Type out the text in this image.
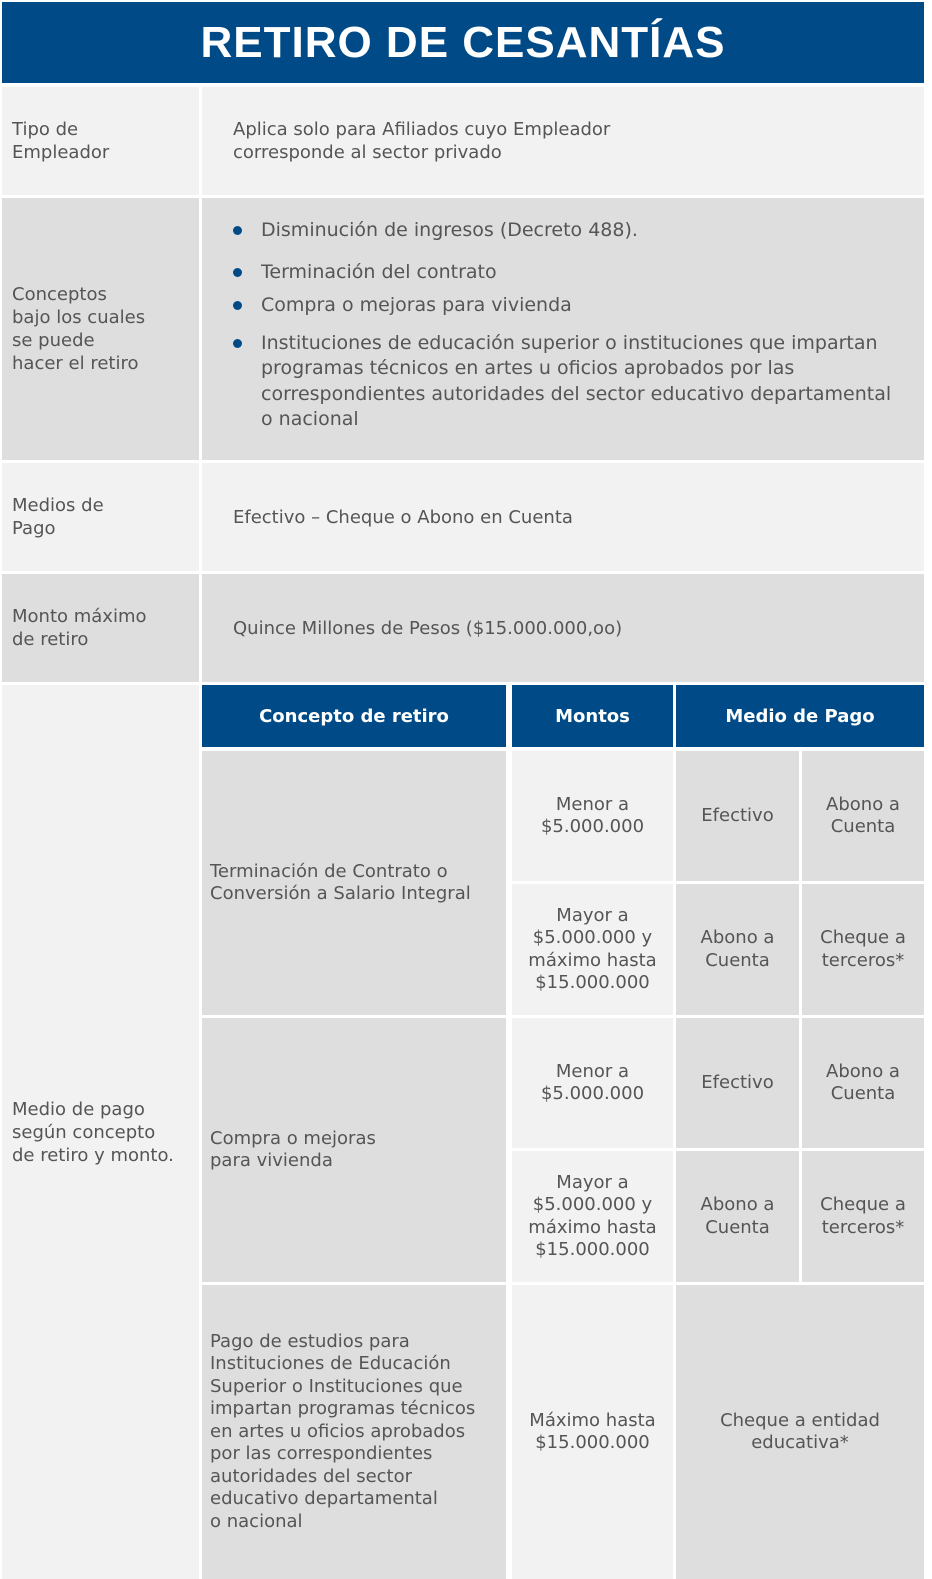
RETIRO DE CESANTÍAS
Tipo de
Empleador
Aplica solo para Afiliados cuyo Empleador
corresponde al sector privado
Conceptos
bajo los cuales
se puede
hacer el retiro
Disminución de ingresos (Decreto 488).
Terminación del contrato
Compra o mejoras para vivienda
Instituciones de educación superior o instituciones que impartan
programas técnicos en artes u oficios aprobados por las
correspondientes autoridades del sector educativo departamental
o nacional
Medios de
Pago
Efectivo – Cheque o Abono en Cuenta
Monto máximo
de retiro
Quince Millones de Pesos ($15.000.000,oo)
Medio de pago
según concepto
de retiro y monto.
Concepto de retiro	Montos	Medio de Pago
Terminación de Contrato o
Conversión a Salario Integral
Menor a
$5.000.000
Efectivo
Abono a
Cuenta
Mayor a
$5.000.000 y
máximo hasta
$15.000.000
Abono a
Cuenta
Cheque a
terceros*
Compra o mejoras
para vivienda
Menor a
$5.000.000
Efectivo
Abono a
Cuenta
Mayor a
$5.000.000 y
máximo hasta
$15.000.000
Abono a
Cuenta
Cheque a
terceros*
Pago de estudios para
Instituciones de Educación
Superior o Instituciones que
impartan programas técnicos
en artes u oficios aprobados
por las correspondientes
autoridades del sector
educativo departamental
o nacional
Máximo hasta
$15.000.000
Cheque a entidad
educativa*
